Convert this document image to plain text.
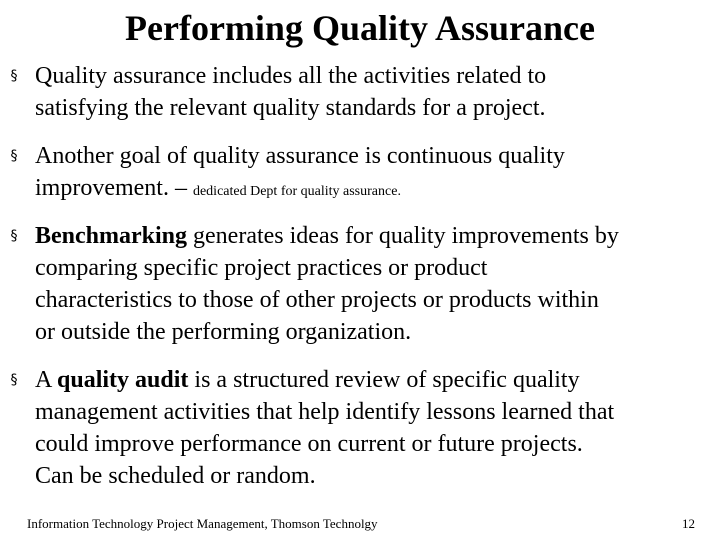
Performing Quality Assurance
§ Quality assurance includes all the activities related to
satisfying the relevant quality standards for a project.
§ Another goal of quality assurance is continuous quality
improvement. – dedicated Dept for quality assurance.
§ Benchmarking generates ideas for quality improvements by
comparing specific project practices or product
characteristics to those of other projects or products within
or outside the performing organization.
§ A quality audit is a structured review of specific quality
management activities that help identify lessons learned that
could improve performance on current or future projects.
Can be scheduled or random.
Information Technology Project Management, Thomson Technolgy	12
